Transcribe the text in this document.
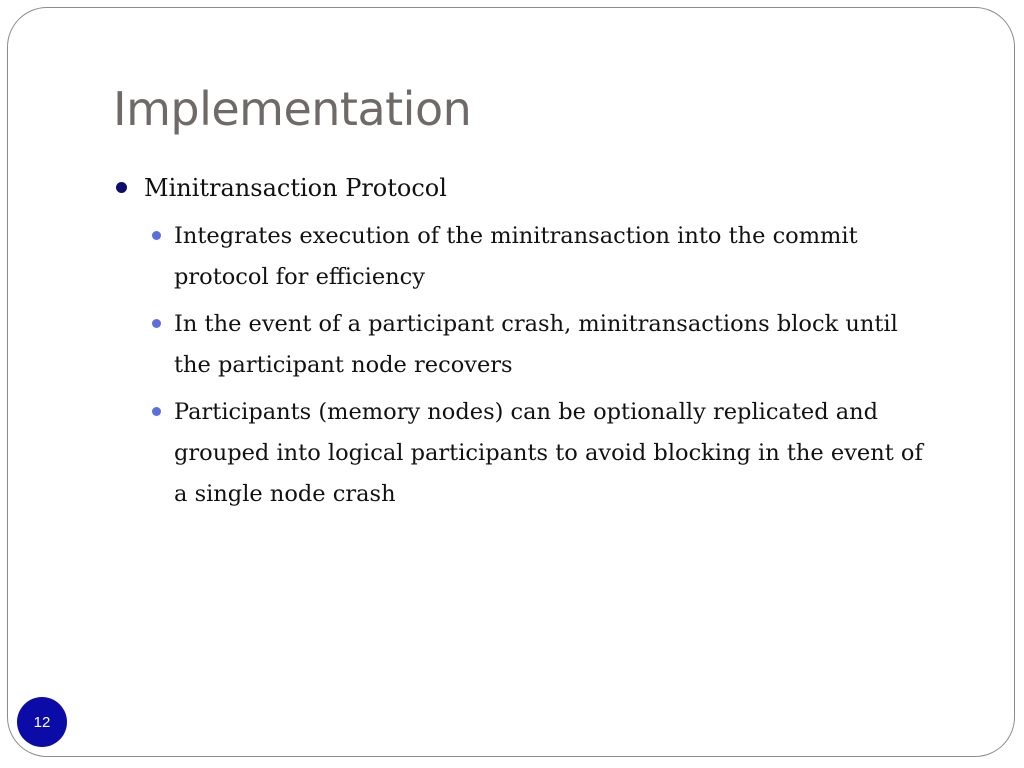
Implementation
Minitransaction Protocol
Integrates execution of the minitransaction into the commit protocol for efficiency
In the event of a participant crash, minitransactions block until the participant node recovers
Participants (memory nodes) can be optionally replicated and grouped into logical participants to avoid blocking in the event of a single node crash
12
